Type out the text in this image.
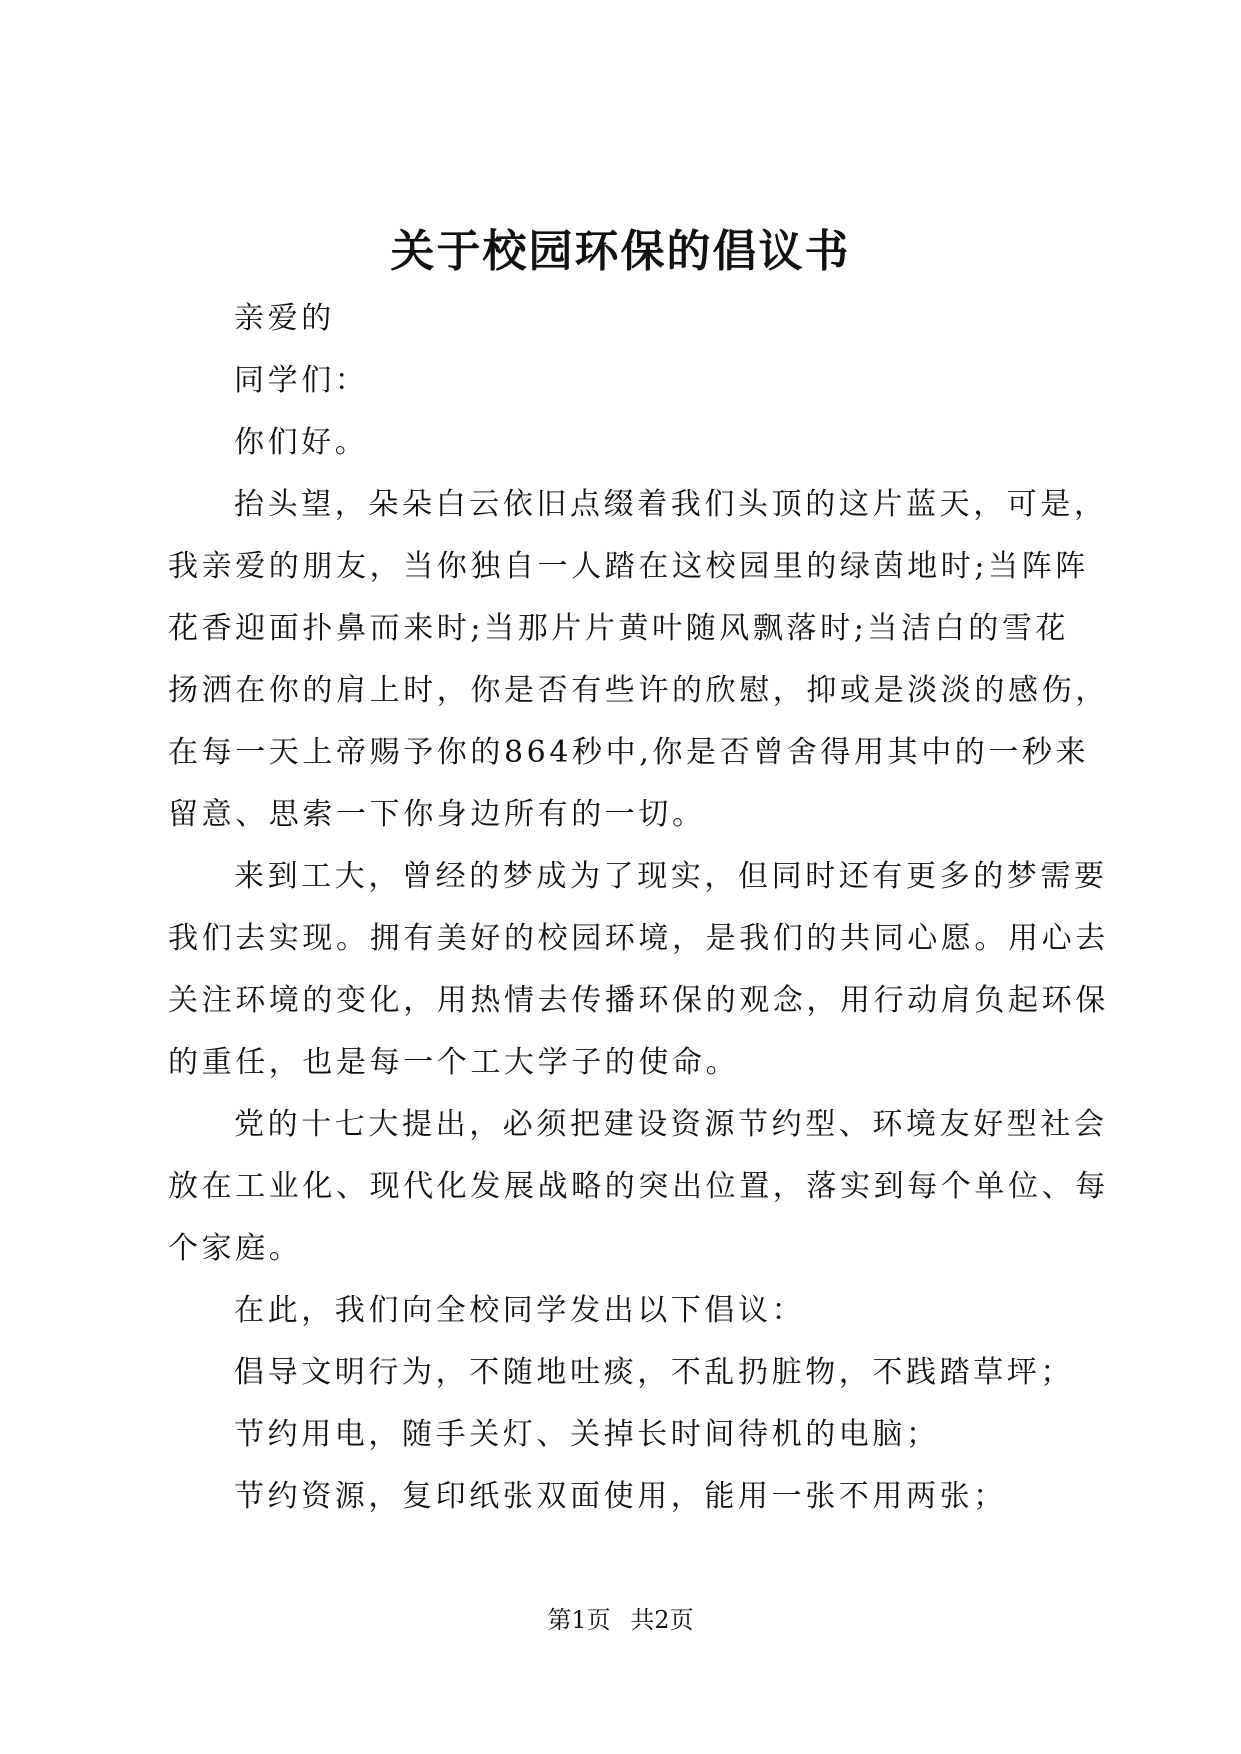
关于校园环保的倡议书
亲爱的
同学们：
你们好。
抬头望，朵朵白云依旧点缀着我们头顶的这片蓝天，可是，
我亲爱的朋友，当你独自一人踏在这校园里的绿茵地时;当阵阵
花香迎面扑鼻而来时;当那片片黄叶随风飘落时;当洁白的雪花
扬洒在你的肩上时，你是否有些许的欣慰，抑或是淡淡的感伤，
在每一天上帝赐予你的864秒中,你是否曾舍得用其中的一秒来
留意、思索一下你身边所有的一切。
来到工大，曾经的梦成为了现实，但同时还有更多的梦需要
我们去实现。拥有美好的校园环境，是我们的共同心愿。用心去
关注环境的变化，用热情去传播环保的观念，用行动肩负起环保
的重任，也是每一个工大学子的使命。
党的十七大提出，必须把建设资源节约型、环境友好型社会
放在工业化、现代化发展战略的突出位置，落实到每个单位、每
个家庭。
在此，我们向全校同学发出以下倡议：
倡导文明行为，不随地吐痰，不乱扔脏物，不践踏草坪；
节约用电，随手关灯、关掉长时间待机的电脑；
节约资源，复印纸张双面使用，能用一张不用两张；
第1页 共2页
